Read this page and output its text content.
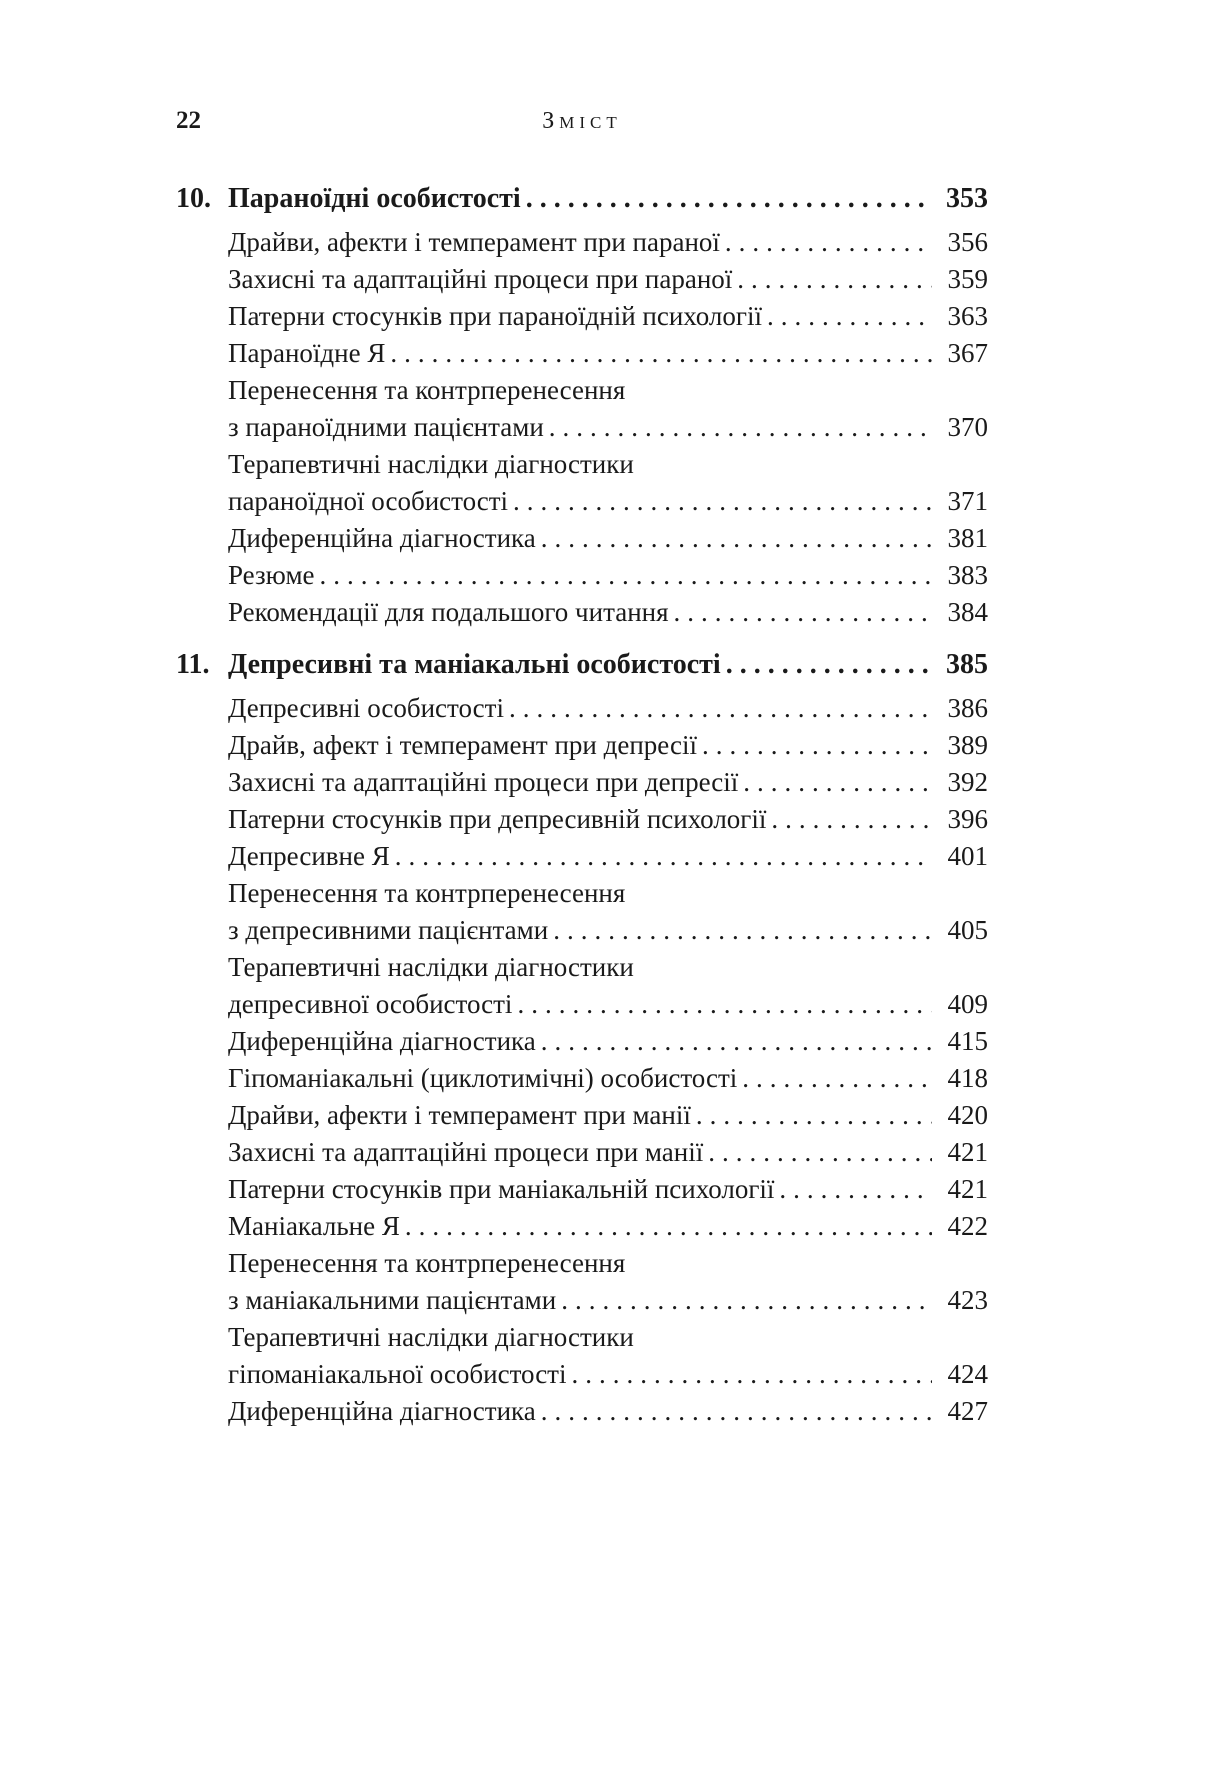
22	Зміст
10. Параноїдні особистості .....	353
Драйви, афекти і темперамент при параної .....	356
Захисні та адаптаційні процеси при параної .....	359
Патерни стосунків при параноїдній психології .....	363
Параноїдне Я .....	367
Перенесення та контрперенесення
з параноїдними пацієнтами .....	370
Терапевтичні наслідки діагностики
параноїдної особистості .....	371
Диференційна діагностика .....	381
Резюме .....	383
Рекомендації для подальшого читання .....	384
11. Депресивні та маніакальні особистості .....	385
Депресивні особистості .....	386
Драйв, афект і темперамент при депресії .....	389
Захисні та адаптаційні процеси при депресії .....	392
Патерни стосунків при депресивній психології .....	396
Депресивне Я .....	401
Перенесення та контрперенесення
з депресивними пацієнтами .....	405
Терапевтичні наслідки діагностики
депресивної особистості .....	409
Диференційна діагностика .....	415
Гіпоманіакальні (циклотимічні) особистості .....	418
Драйви, афекти і темперамент при манії .....	420
Захисні та адаптаційні процеси при манії .....	421
Патерни стосунків при маніакальній психології .....	421
Маніакальне Я .....	422
Перенесення та контрперенесення
з маніакальними пацієнтами .....	423
Терапевтичні наслідки діагностики
гіпоманіакальної особистості .....	424
Диференційна діагностика .....	427
